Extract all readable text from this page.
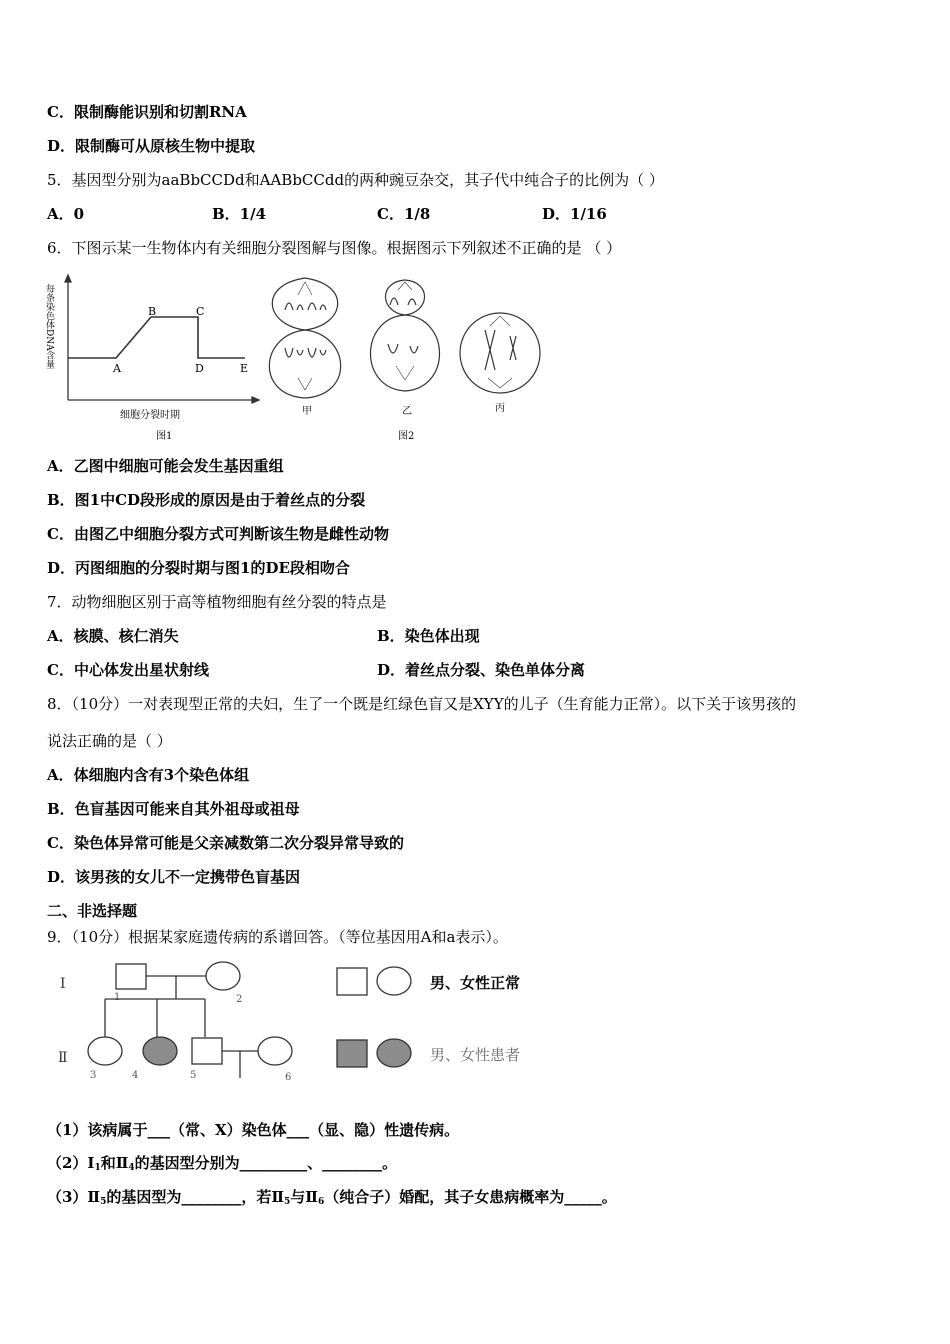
C．限制酶能识别和切割RNA
D．限制酶可从原核生物中提取
5．基因型分别为aaBbCCDd和AABbCCdd的两种豌豆杂交，其子代中纯合子的比例为（ ）
A．0	B．1/4	C．1/8	D．1/16
6．下图示某一生物体内有关细胞分裂图解与图像。根据图示下列叙述不正确的是 （ ）
每条染色体DNA含量	A
B	C
D	E
细胞分裂时期
图1
甲	乙	丙
图2
A．乙图中细胞可能会发生基因重组
B．图1中CD段形成的原因是由于着丝点的分裂
C．由图乙中细胞分裂方式可判断该生物是雌性动物
D．丙图细胞的分裂时期与图1的DE段相吻合
7．动物细胞区别于高等植物细胞有丝分裂的特点是
A．核膜、核仁消失	B．染色体出现
C．中心体发出星状射线	D．着丝点分裂、染色单体分离
8．（10分）一对表现型正常的夫妇，生了一个既是红绿色盲又是XYY的儿子（生育能力正常）。以下关于该男孩的
说法正确的是（ ）
A．体细胞内含有3个染色体组
B．色盲基因可能来自其外祖母或祖母
C．染色体异常可能是父亲减数第二次分裂异常导致的
D．该男孩的女儿不一定携带色盲基因
二、非选择题
9．（10分）根据某家庭遗传病的系谱回答。（等位基因用A和a表示）。
Ⅰ
Ⅱ
1	2
3	4	5	6
男、女性正常
男、女性患者
（1）该病属于___（常、X）染色体___（显、隐）性遗传病。
$(2)Ⅰ_1$和$Ⅱ_4$的基因型分别为_________、________。
$(3)Ⅱ_5$的基因型为________，若$Ⅱ_5$与$Ⅱ_6$（纯合子）婚配，其子女患病概率为_____。
